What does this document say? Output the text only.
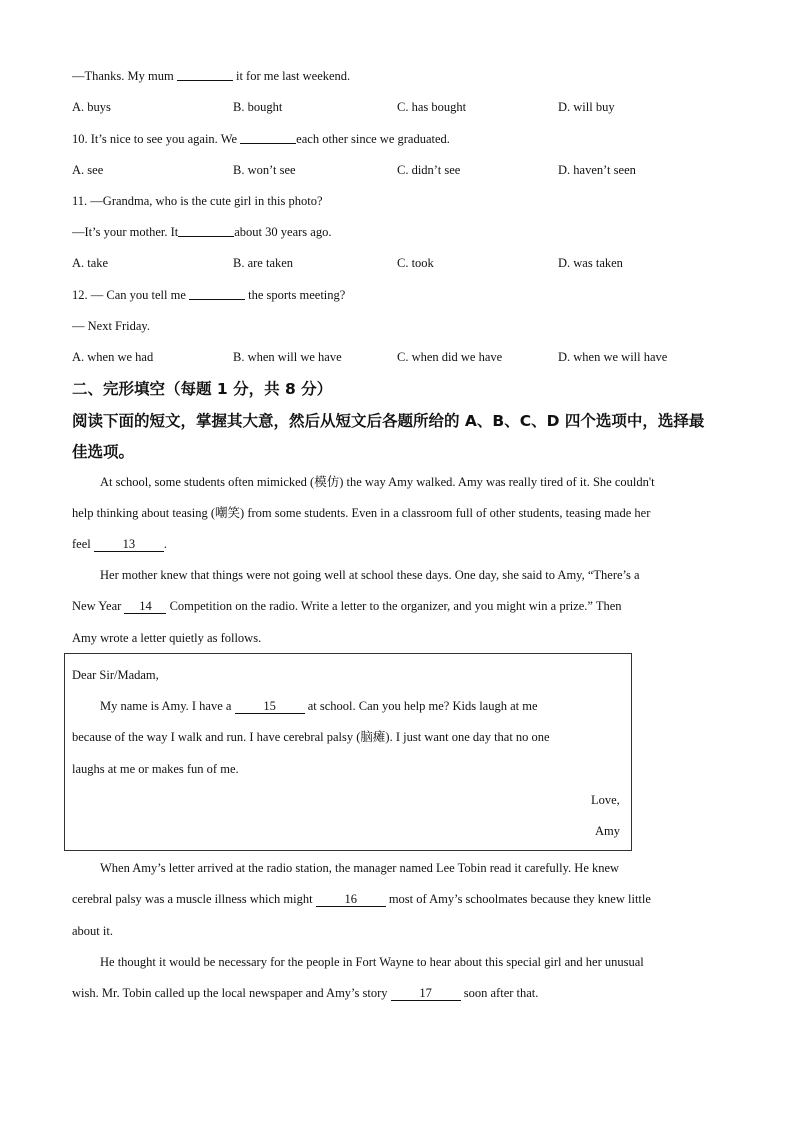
—Thanks. My mum	it for me last weekend.
A. buys	B. bought	C. has bought	D. will buy
10. It’s nice to see you again. We	each other since we graduated.
A. see	B. won’t see	C. didn’t see	D. haven’t seen
11. —Grandma, who is the cute girl in this photo?
—It’s your mother. It	about 30 years ago.
A. take	B. are taken	C. took	D. was taken
12. — Can you tell me	the sports meeting?
— Next Friday.
A. when we had	B. when will we have	C. when did we have	D. when we will have
二、完形填空（每题 1 分，共 8 分）
阅读下面的短文，掌握其大意，然后从短文后各题所给的 A、B、C、D 四个选项中，选择最
佳选项。
At school, some students often mimicked (模仿) the way Amy walked. Amy was really tired of it. She couldn't
help thinking about teasing (嘲笑) from some students. Even in a classroom full of other students, teasing made her
feel	13 .
Her mother knew that things were not going well at school these days. One day, she said to Amy, “There’s a
New Year 14 Competition on the radio. Write a letter to the organizer, and you might win a prize.” Then
Amy wrote a letter quietly as follows.
Dear Sir/Madam,
My name is Amy. I have a	15	at school. Can you help me? Kids laugh at me
because of the way I walk and run. I have cerebral palsy (脑瘫). I just want one day that no one
laughs at me or makes fun of me.
Love,
Amy
When Amy’s letter arrived at the radio station, the manager named Lee Tobin read it carefully. He knew
cerebral palsy was a muscle illness which might	16	most of Amy’s schoolmates because they knew little
about it.
He thought it would be necessary for the people in Fort Wayne to hear about this special girl and her unusual
wish. Mr. Tobin called up the local newspaper and Amy’s story	17	soon after that.
